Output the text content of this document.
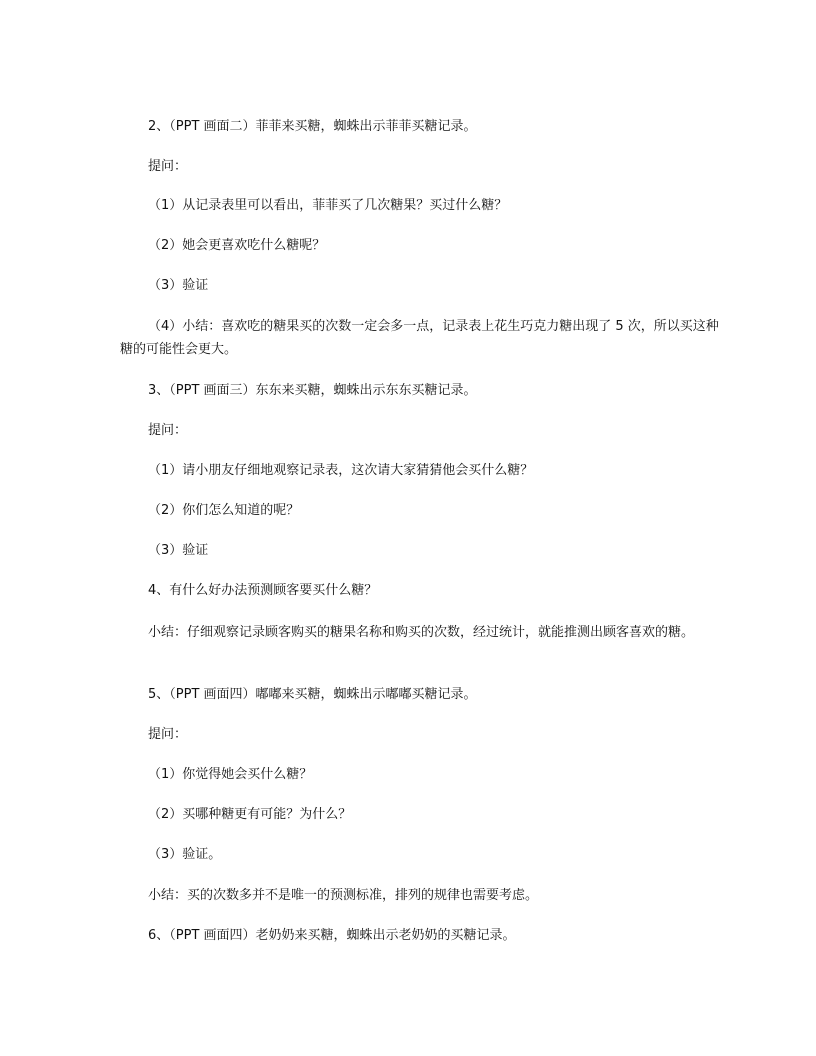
2、（PPT 画面二）菲菲来买糖，蜘蛛出示菲菲买糖记录。
提问：
（1）从记录表里可以看出，菲菲买了几次糖果？买过什么糖？
（2）她会更喜欢吃什么糖呢？
（3）验证
（4）小结：喜欢吃的糖果买的次数一定会多一点，记录表上花生巧克力糖出现了 5 次，所以买这种糖的可能性会更大。
3、（PPT 画面三）东东来买糖，蜘蛛出示东东买糖记录。
提问：
（1）请小朋友仔细地观察记录表，这次请大家猜猜他会买什么糖？
（2）你们怎么知道的呢？
（3）验证
4、有什么好办法预测顾客要买什么糖？
小结：仔细观察记录顾客购买的糖果名称和购买的次数，经过统计，就能推测出顾客喜欢的糖。
5、（PPT 画面四）嘟嘟来买糖，蜘蛛出示嘟嘟买糖记录。
提问：
（1）你觉得她会买什么糖？
（2）买哪种糖更有可能？为什么？
（3）验证。
小结：买的次数多并不是唯一的预测标准，排列的规律也需要考虑。
6、（PPT 画面四）老奶奶来买糖，蜘蛛出示老奶奶的买糖记录。
